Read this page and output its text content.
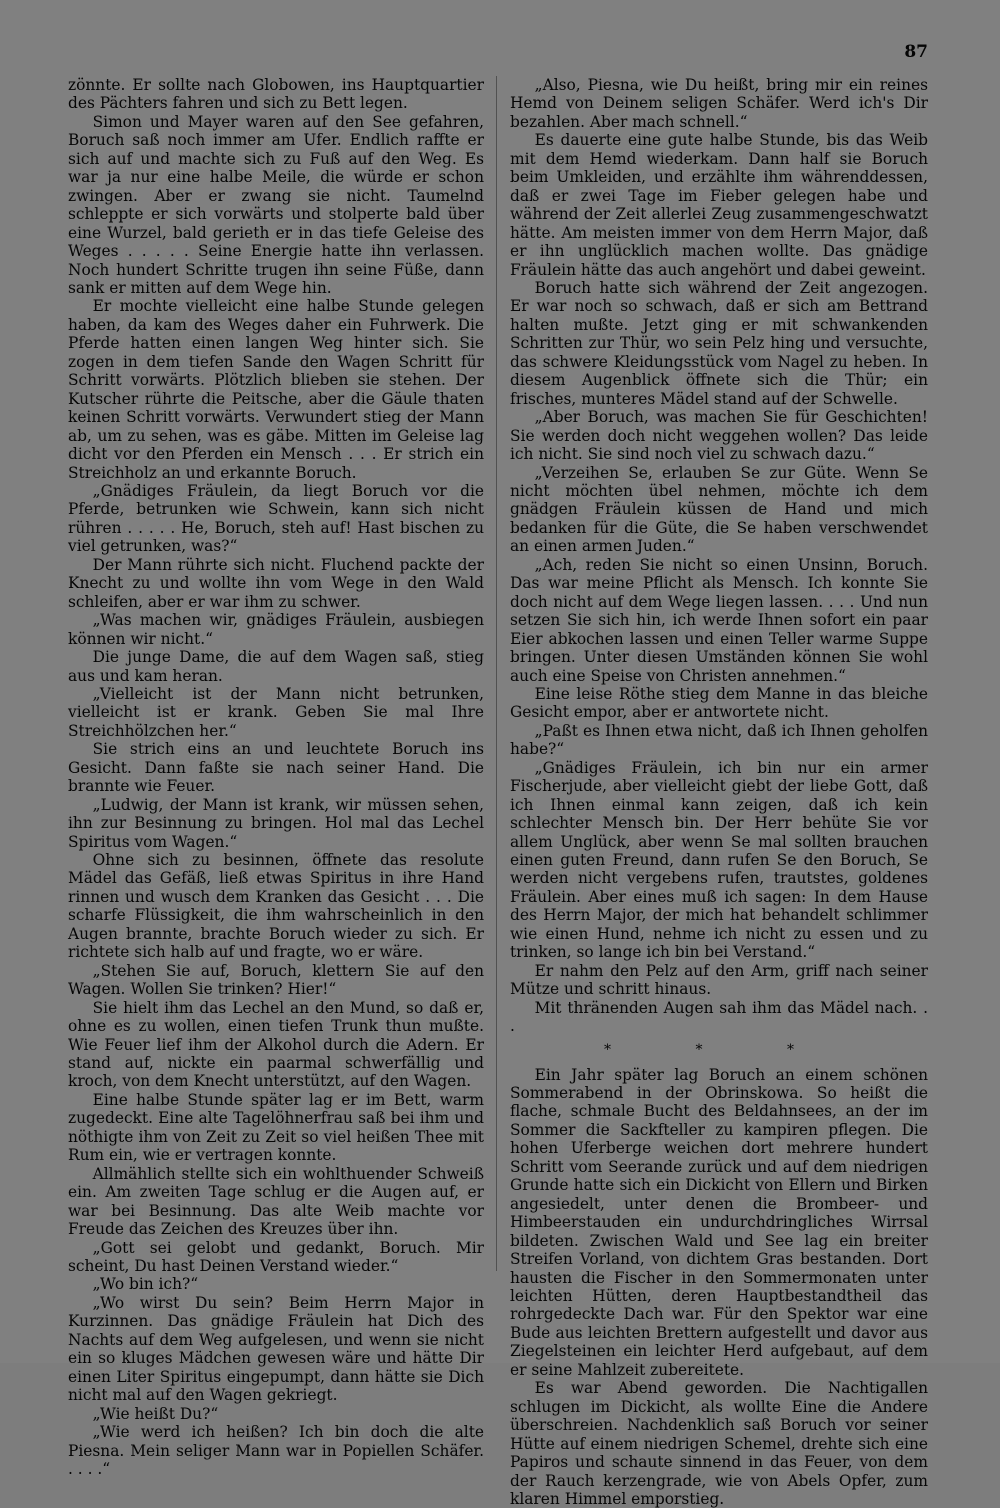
87

zönnte. Er sollte nach Globowen, ins Hauptquartier des Pächters fahren und sich zu Bett legen.

Simon und Mayer waren auf den See gefahren, Boruch saß noch immer am Ufer. Endlich raffte er sich auf und machte sich zu Fuß auf den Weg. Es war ja nur eine halbe Meile, die würde er schon zwingen. Aber er zwang sie nicht. Taumelnd schleppte er sich vorwärts und stolperte bald über eine Wurzel, bald gerieth er in das tiefe Geleise des Weges . . . . . Seine Energie hatte ihn verlassen. Noch hundert Schritte trugen ihn seine Füße, dann sank er mitten auf dem Wege hin.

Er mochte vielleicht eine halbe Stunde gelegen haben, da kam des Weges daher ein Fuhrwerk. Die Pferde hatten einen langen Weg hinter sich. Sie zogen in dem tiefen Sande den Wagen Schritt für Schritt vorwärts. Plötzlich blieben sie stehen. Der Kutscher rührte die Peitsche, aber die Gäule thaten keinen Schritt vorwärts. Verwundert stieg der Mann ab, um zu sehen, was es gäbe. Mitten im Geleise lag dicht vor den Pferden ein Mensch . . . Er strich ein Streichholz an und erkannte Boruch.

„Gnädiges Fräulein, da liegt Boruch vor die Pferde, betrunken wie Schwein, kann sich nicht rühren . . . . . He, Boruch, steh auf! Hast bischen zu viel getrunken, was?“

Der Mann rührte sich nicht. Fluchend packte der Knecht zu und wollte ihn vom Wege in den Wald schleifen, aber er war ihm zu schwer.

„Was machen wir, gnädiges Fräulein, ausbiegen können wir nicht.“

Die junge Dame, die auf dem Wagen saß, stieg aus und kam heran.

„Vielleicht ist der Mann nicht betrunken, vielleicht ist er krank. Geben Sie mal Ihre Streichhölzchen her.“

Sie strich eins an und leuchtete Boruch ins Gesicht. Dann faßte sie nach seiner Hand. Die brannte wie Feuer.

„Ludwig, der Mann ist krank, wir müssen sehen, ihn zur Besinnung zu bringen. Hol mal das Lechel Spiritus vom Wagen.“

Ohne sich zu besinnen, öffnete das resolute Mädel das Gefäß, ließ etwas Spiritus in ihre Hand rinnen und wusch dem Kranken das Gesicht . . . Die scharfe Flüssigkeit, die ihm wahrscheinlich in den Augen brannte, brachte Boruch wieder zu sich. Er richtete sich halb auf und fragte, wo er wäre.

„Stehen Sie auf, Boruch, klettern Sie auf den Wagen. Wollen Sie trinken? Hier!“

Sie hielt ihm das Lechel an den Mund, so daß er, ohne es zu wollen, einen tiefen Trunk thun mußte. Wie Feuer lief ihm der Alkohol durch die Adern. Er stand auf, nickte ein paarmal schwerfällig und kroch, von dem Knecht unterstützt, auf den Wagen.

Eine halbe Stunde später lag er im Bett, warm zugedeckt. Eine alte Tagelöhnerfrau saß bei ihm und nöthigte ihm von Zeit zu Zeit so viel heißen Thee mit Rum ein, wie er vertragen konnte.

Allmählich stellte sich ein wohlthuender Schweiß ein. Am zweiten Tage schlug er die Augen auf, er war bei Besinnung. Das alte Weib machte vor Freude das Zeichen des Kreuzes über ihn.

„Gott sei gelobt und gedankt, Boruch. Mir scheint, Du hast Deinen Verstand wieder.“

„Wo bin ich?“

„Wo wirst Du sein? Beim Herrn Major in Kurzinnen. Das gnädige Fräulein hat Dich des Nachts auf dem Weg aufgelesen, und wenn sie nicht ein so kluges Mädchen gewesen wäre und hätte Dir einen Liter Spiritus eingepumpt, dann hätte sie Dich nicht mal auf den Wagen gekriegt.

„Wie heißt Du?“

„Wie werd ich heißen? Ich bin doch die alte Piesna. Mein seliger Mann war in Popiellen Schäfer. . . . .“

„Also, Piesna, wie Du heißt, bring mir ein reines Hemd von Deinem seligen Schäfer. Werd ich's Dir bezahlen. Aber mach schnell.“

Es dauerte eine gute halbe Stunde, bis das Weib mit dem Hemd wiederkam. Dann half sie Boruch beim Umkleiden, und erzählte ihm währenddessen, daß er zwei Tage im Fieber gelegen habe und während der Zeit allerlei Zeug zusammengeschwatzt hätte. Am meisten immer von dem Herrn Major, daß er ihn unglücklich machen wollte. Das gnädige Fräulein hätte das auch angehört und dabei geweint.

Boruch hatte sich während der Zeit angezogen. Er war noch so schwach, daß er sich am Bettrand halten mußte. Jetzt ging er mit schwankenden Schritten zur Thür, wo sein Pelz hing und versuchte, das schwere Kleidungsstück vom Nagel zu heben. In diesem Augenblick öffnete sich die Thür; ein frisches, munteres Mädel stand auf der Schwelle.

„Aber Boruch, was machen Sie für Geschichten! Sie werden doch nicht weggehen wollen? Das leide ich nicht. Sie sind noch viel zu schwach dazu.“

„Verzeihen Se, erlauben Se zur Güte. Wenn Se nicht möchten übel nehmen, möchte ich dem gnädgen Fräulein küssen de Hand und mich bedanken für die Güte, die Se haben verschwendet an einen armen Juden.“

„Ach, reden Sie nicht so einen Unsinn, Boruch. Das war meine Pflicht als Mensch. Ich konnte Sie doch nicht auf dem Wege liegen lassen. . . . Und nun setzen Sie sich hin, ich werde Ihnen sofort ein paar Eier abkochen lassen und einen Teller warme Suppe bringen. Unter diesen Umständen können Sie wohl auch eine Speise von Christen annehmen.“

Eine leise Röthe stieg dem Manne in das bleiche Gesicht empor, aber er antwortete nicht.

„Paßt es Ihnen etwa nicht, daß ich Ihnen geholfen habe?“

„Gnädiges Fräulein, ich bin nur ein armer Fischerjude, aber vielleicht giebt der liebe Gott, daß ich Ihnen einmal kann zeigen, daß ich kein schlechter Mensch bin. Der Herr behüte Sie vor allem Unglück, aber wenn Se mal sollten brauchen einen guten Freund, dann rufen Se den Boruch, Se werden nicht vergebens rufen, trautstes, goldenes Fräulein. Aber eines muß ich sagen: In dem Hause des Herrn Major, der mich hat behandelt schlimmer wie einen Hund, nehme ich nicht zu essen und zu trinken, so lange ich bin bei Verstand.“

Er nahm den Pelz auf den Arm, griff nach seiner Mütze und schritt hinaus.

Mit thränenden Augen sah ihm das Mädel nach. . .

* * *

Ein Jahr später lag Boruch an einem schönen Sommerabend in der Obrinskowa. So heißt die flache, schmale Bucht des Beldahnsees, an der im Sommer die Sackfteller zu kampiren pflegen. Die hohen Uferberge weichen dort mehrere hundert Schritt vom Seerande zurück und auf dem niedrigen Grunde hatte sich ein Dickicht von Ellern und Birken angesiedelt, unter denen die Brombeer- und Himbeerstauden ein undurchdringliches Wirrsal bildeten. Zwischen Wald und See lag ein breiter Streifen Vorland, von dichtem Gras bestanden. Dort hausten die Fischer in den Sommermonaten unter leichten Hütten, deren Hauptbestandtheil das rohrgedeckte Dach war. Für den Spektor war eine Bude aus leichten Brettern aufgestellt und davor aus Ziegelsteinen ein leichter Herd aufgebaut, auf dem er seine Mahlzeit zubereitete.

Es war Abend geworden. Die Nachtigallen schlugen im Dickicht, als wollte Eine die Andere überschreien. Nachdenklich saß Boruch vor seiner Hütte auf einem niedrigen Schemel, drehte sich eine Papiros und schaute sinnend in das Feuer, von dem der Rauch kerzengrade, wie von Abels Opfer, zum klaren Himmel emporstieg.
